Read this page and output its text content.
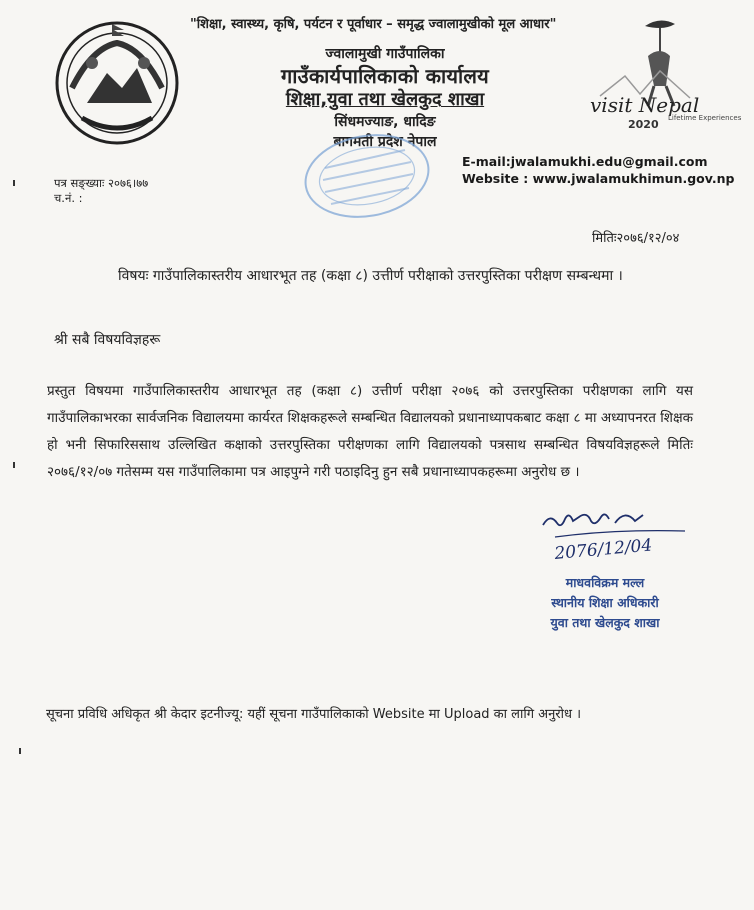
"शिक्षा, स्वास्थ्य, कृषि, पर्यटन र पूर्वाधार – समृद्ध ज्वालामुखीको मूल आधार"
ज्वालामुखी गाउँपालिका
गाउँकार्यपालिकाको कार्यालय
शिक्षा,युवा तथा खेलकुद शाखा
सिंधमज्याङ, धादिङ
बागमती प्रदेश नेपाल
visit Nepal
Lifetime Experiences
2020
E-mail:jwalamukhi.edu@gmail.com
Website : www.jwalamukhimun.gov.np
पत्र सङ्ख्याः २०७६।७७
च.नं. :
मितिः२०७६/१२/०४
विषयः गाउँपालिकास्तरीय आधारभूत तह (कक्षा ८) उत्तीर्ण परीक्षाको उत्तरपुस्तिका परीक्षण सम्बन्धमा ।
श्री सबै विषयविज्ञहरू
प्रस्तुत विषयमा गाउँपालिकास्तरीय आधारभूत तह (कक्षा ८) उत्तीर्ण परीक्षा २०७६ को उत्तरपुस्तिका परीक्षणका लागि यस गाउँपालिकाभरका सार्वजनिक विद्यालयमा कार्यरत शिक्षकहरूले सम्बन्धित विद्यालयको प्रधानाध्यापकबाट कक्षा ८ मा अध्यापनरत शिक्षक हो भनी सिफारिससाथ उल्लिखित कक्षाको उत्तरपुस्तिका परीक्षणका लागि विद्यालयको पत्रसाथ सम्बन्धित विषयविज्ञहरूले मितिः २०७६/१२/०७ गतेसम्म यस गाउँपालिकामा पत्र आइपुग्ने गरी पठाइदिनु हुन सबै प्रधानाध्यापकहरूमा अनुरोध छ ।
2076/12/04
माधवविक्रम मल्ल
स्थानीय शिक्षा अधिकारी
युवा तथा खेलकुद शाखा
सूचना प्रविधि अधिकृत श्री केदार इटनीज्यू: यहीं सूचना गाउँपालिकाको Website मा Upload का लागि अनुरोध ।
